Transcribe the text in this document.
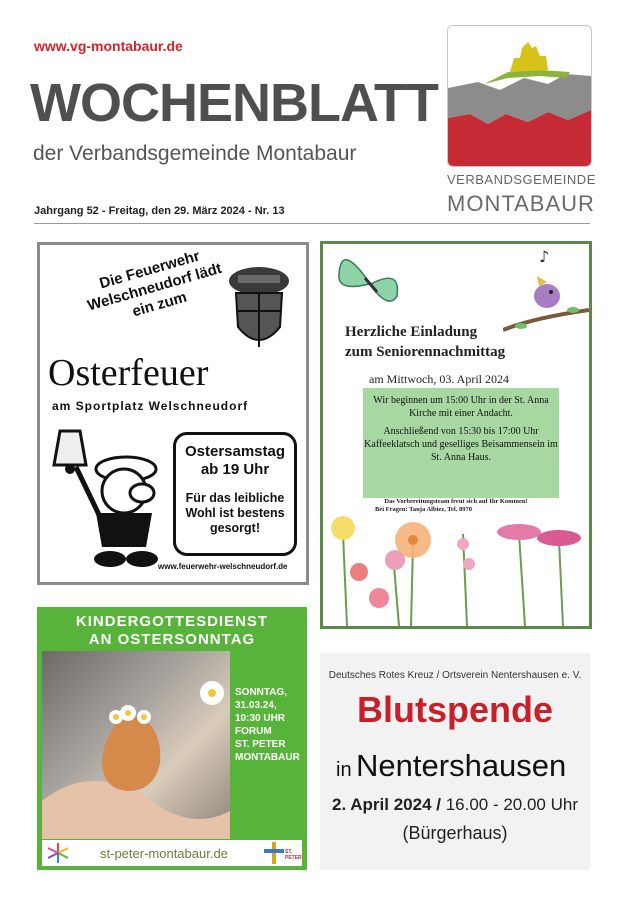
www.vg-montabaur.de
WOCHENBLATT
der Verbandsgemeinde Montabaur
Jahrgang 52 - Freitag, den 29. März 2024 - Nr. 13
VERBANDSGEMEINDE
MONTABAUR
Die Feuerwehr Welschneudorf lädt ein zum
Osterfeuer
am Sportplatz Welschneudorf
Ostersamstag
ab 19 Uhr
Für das leibliche
Wohl ist bestens
gesorgt!
www.feuerwehr-welschneudorf.de
♪
Herzliche Einladung
zum Seniorennachmittag
am Mittwoch, 03. April 2024
Wir beginnen um 15:00 Uhr in der St. Anna Kirche mit einer Andacht.
Anschließend von 15:30 bis 17:00 Uhr Kaffeeklatsch und geselliges Beisammensein im St. Anna Haus.
Das Vorbereitungsteam freut sich auf Ihr Kommen!
Bei Fragen: Tanja Albiez, Tel. 8970
KINDERGOTTESDIENST
AN OSTERSONNTAG
SONNTAG,
31.03.24,
10:30 UHR
FORUM
ST. PETER
MONTABAUR
st-peter-montabaur.de	ST. PETER
Deutsches Rotes Kreuz / Ortsverein Nentershausen e. V.
Blutspende
in Nentershausen
2. April 2024 / 16.00 - 20.00 Uhr
(Bürgerhaus)
